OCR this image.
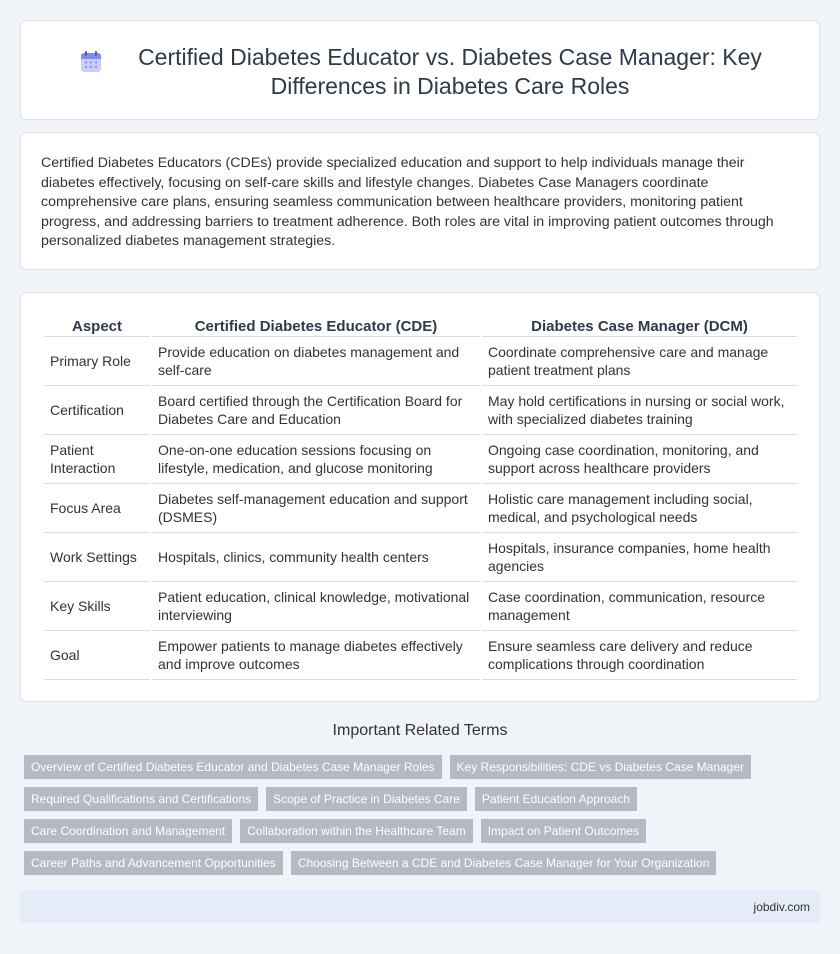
Certified Diabetes Educator vs. Diabetes Case Manager: Key Differences in Diabetes Care Roles

Certified Diabetes Educators (CDEs) provide specialized education and support to help individuals manage their diabetes effectively, focusing on self-care skills and lifestyle changes. Diabetes Case Managers coordinate comprehensive care plans, ensuring seamless communication between healthcare providers, monitoring patient progress, and addressing barriers to treatment adherence. Both roles are vital in improving patient outcomes through personalized diabetes management strategies.

Aspect	Certified Diabetes Educator (CDE)	Diabetes Case Manager (DCM)
Primary Role	Provide education on diabetes management and self-care	Coordinate comprehensive care and manage patient treatment plans
Certification	Board certified through the Certification Board for Diabetes Care and Education	May hold certifications in nursing or social work, with specialized diabetes training
Patient Interaction	One-on-one education sessions focusing on lifestyle, medication, and glucose monitoring	Ongoing case coordination, monitoring, and support across healthcare providers
Focus Area	Diabetes self-management education and support (DSMES)	Holistic care management including social, medical, and psychological needs
Work Settings	Hospitals, clinics, community health centers	Hospitals, insurance companies, home health agencies
Key Skills	Patient education, clinical knowledge, motivational interviewing	Case coordination, communication, resource management
Goal	Empower patients to manage diabetes effectively and improve outcomes	Ensure seamless care delivery and reduce complications through coordination
Important Related Terms
Overview of Certified Diabetes Educator and Diabetes Case Manager Roles	Key Responsibilities: CDE vs Diabetes Case Manager
Required Qualifications and Certifications	Scope of Practice in Diabetes Care	Patient Education Approach
Care Coordination and Management	Collaboration within the Healthcare Team	Impact on Patient Outcomes
Career Paths and Advancement Opportunities	Choosing Between a CDE and Diabetes Case Manager for Your Organization
jobdiv.com
